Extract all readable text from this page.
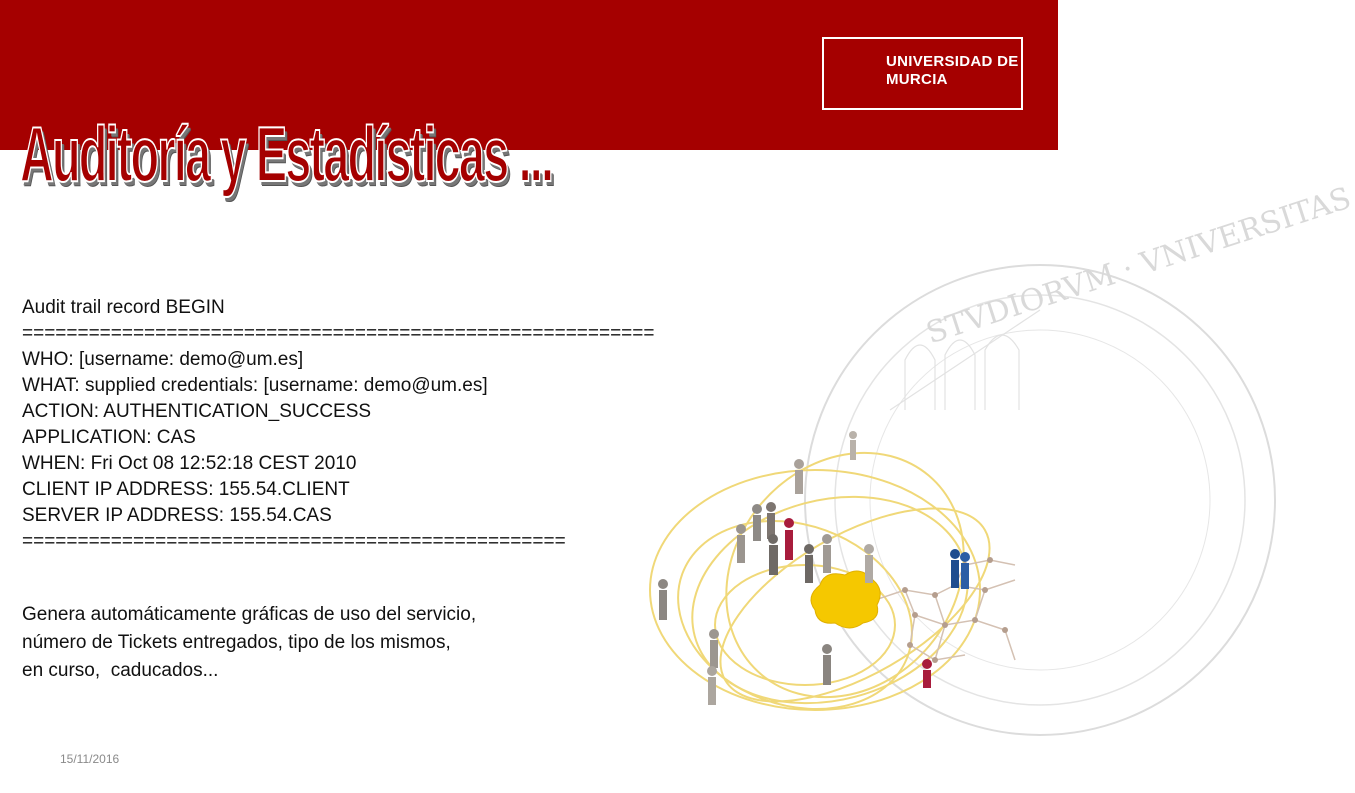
UNIVERSIDAD DE
MURCIA
Auditoría y Estadísticas ...
STVDIORVM · VNIVERSITAS
Audit trail record BEGIN
=========================================================
WHO: [username: demo@um.es]
WHAT: supplied credentials: [username: demo@um.es]
ACTION: AUTHENTICATION_SUCCESS
APPLICATION: CAS
WHEN: Fri Oct 08 12:52:18 CEST 2010
CLIENT IP ADDRESS: 155.54.CLIENT
SERVER IP ADDRESS: 155.54.CAS
=================================================
Genera automáticamente gráficas de uso del servicio,
número de Tickets entregados, tipo de los mismos,
en curso,  caducados...
15/11/2016
